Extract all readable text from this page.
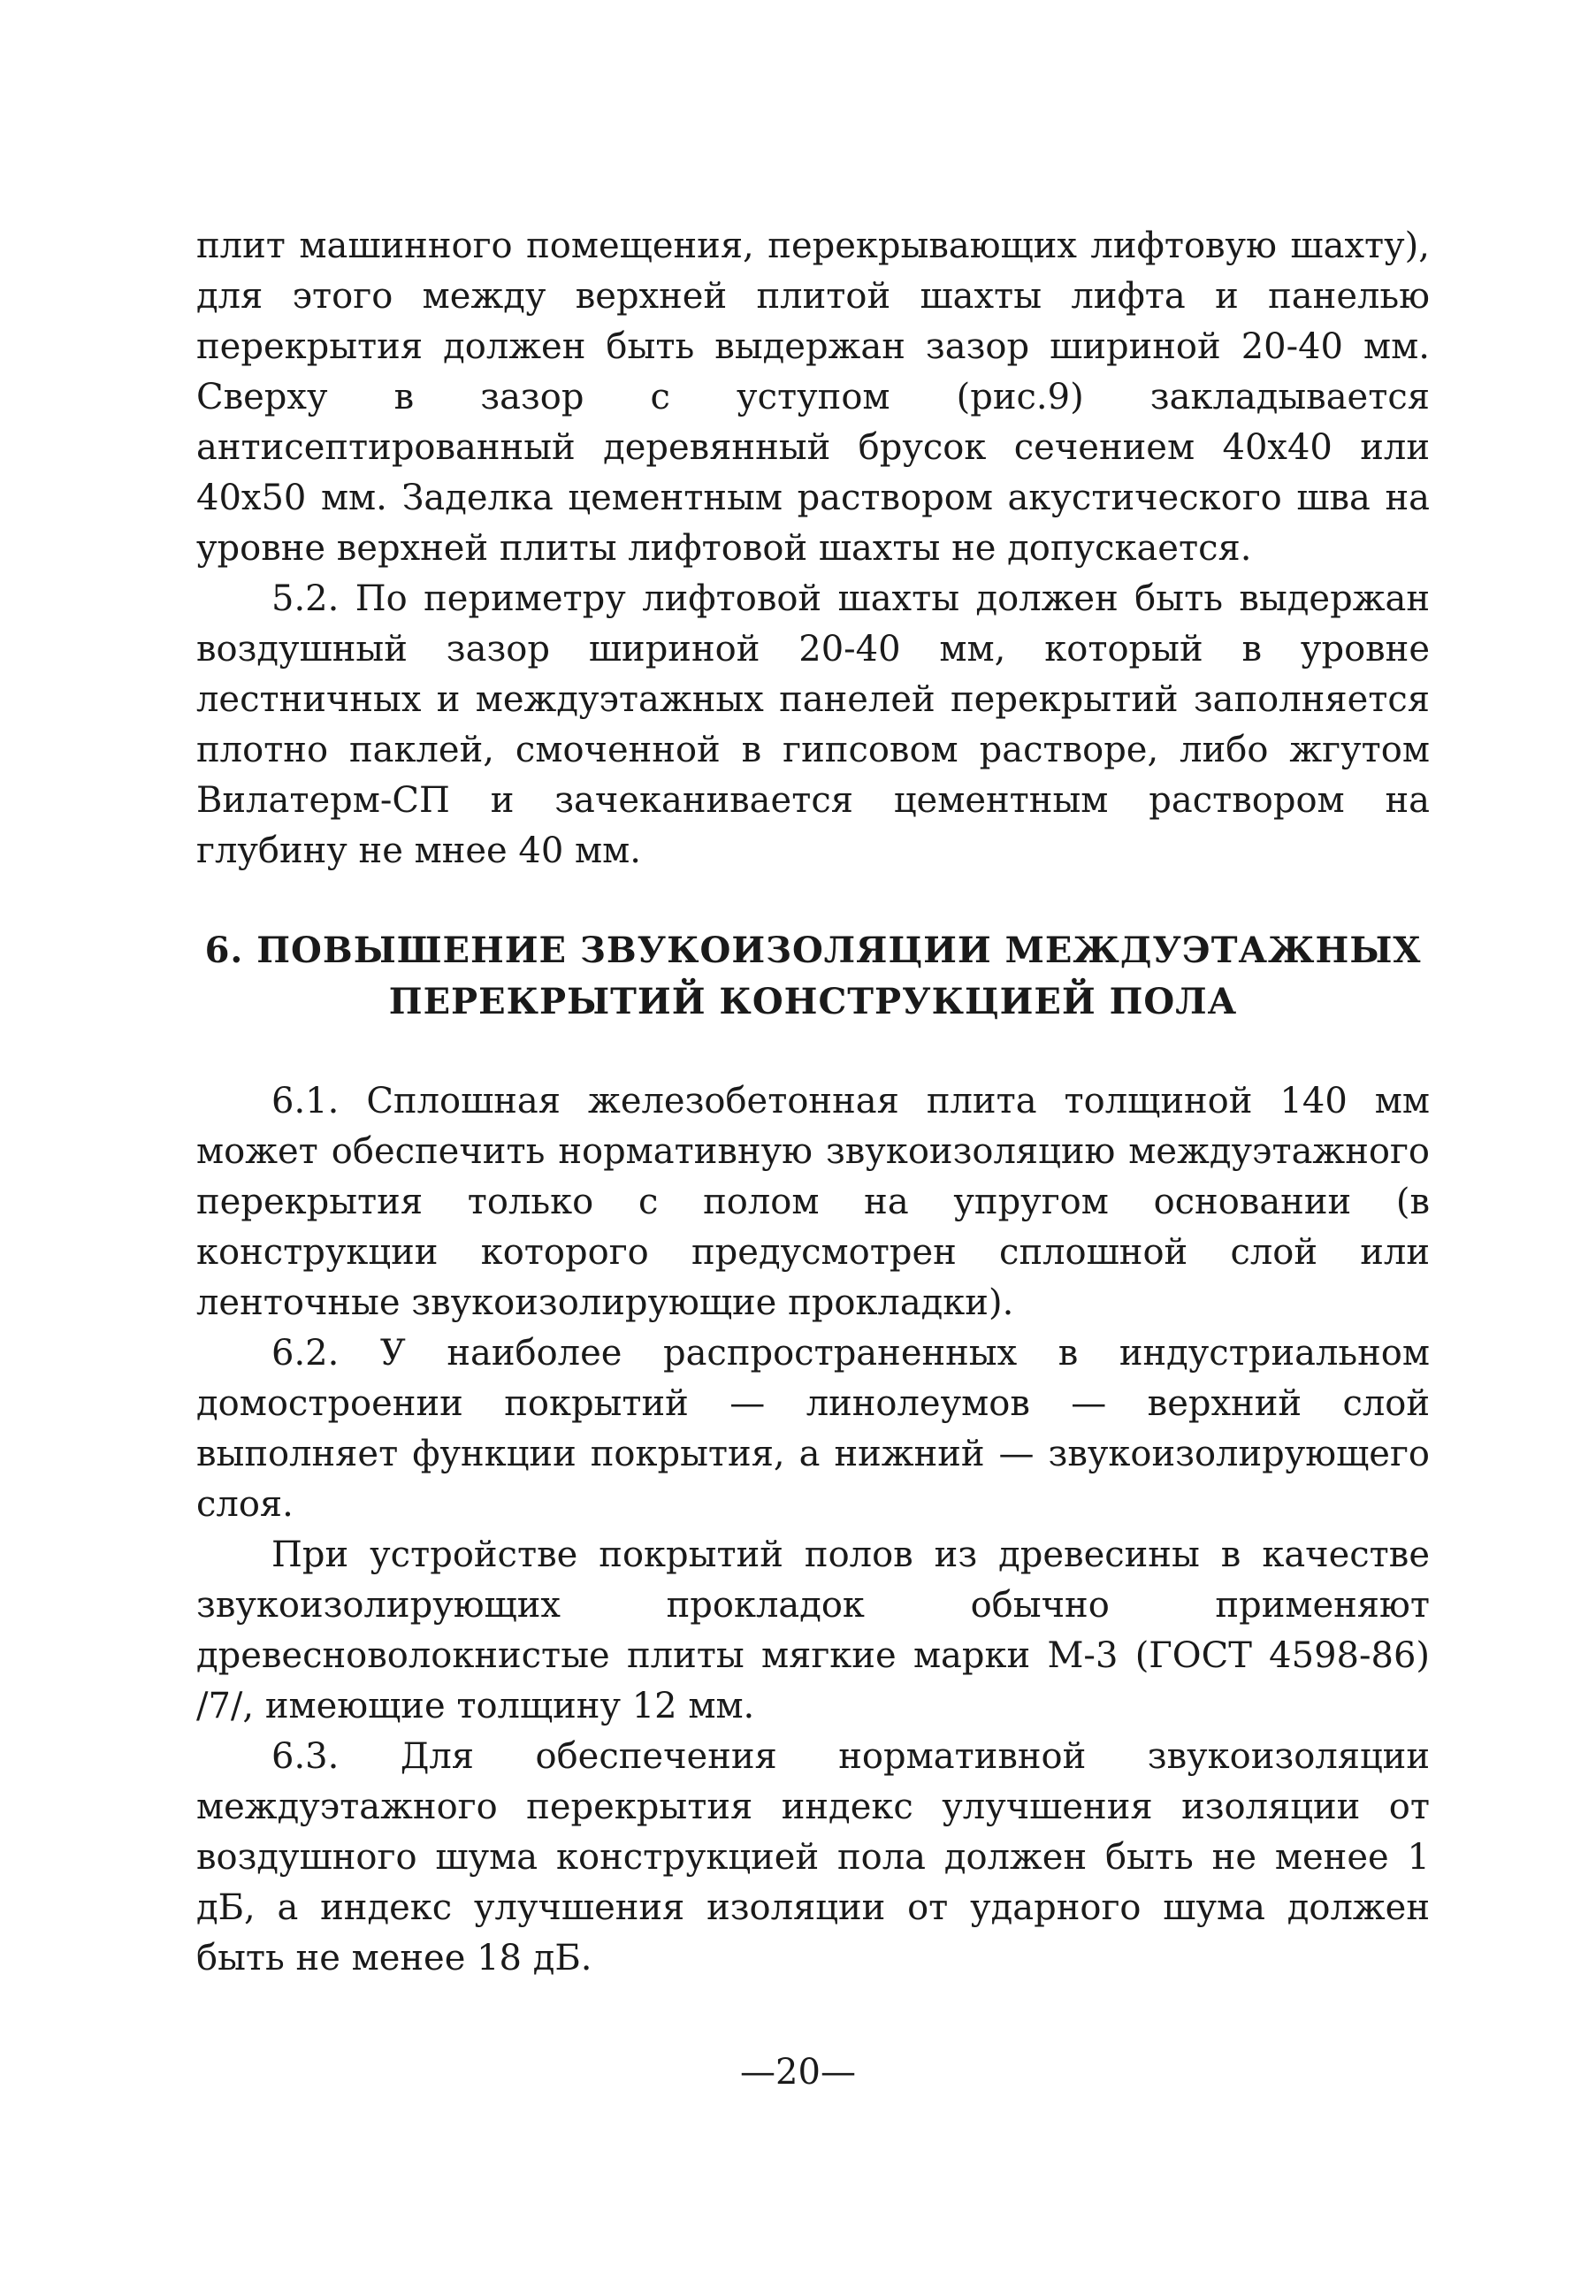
плит машинного помещения, перекрывающих лифтовую шахту), для этого между верхней плитой шахты лифта и панелью перекрытия должен быть выдержан зазор шириной 20-40 мм. Сверху в зазор с уступом (рис.9) закладывается антисептированный деревянный брусок сечением 40х40 или 40х50 мм. Заделка цементным раствором акустического шва на уровне верхней плиты лифтовой шахты не допускается.

5.2. По периметру лифтовой шахты должен быть выдержан воздушный зазор шириной 20-40 мм, который в уровне лестничных и междуэтажных панелей перекрытий заполняется плотно паклей, смоченной в гипсовом растворе, либо жгутом Вилатерм-СП и зачеканивается цементным раствором на глубину не мнее 40 мм.

6. ПОВЫШЕНИЕ ЗВУКОИЗОЛЯЦИИ МЕЖДУЭТАЖНЫХ
ПЕРЕКРЫТИЙ КОНСТРУКЦИЕЙ ПОЛА

6.1. Сплошная железобетонная плита толщиной 140 мм может обеспечить нормативную звукоизоляцию междуэтажного перекрытия только с полом на упругом основании (в конструкции которого предусмотрен сплошной слой или ленточные звукоизолирующие прокладки).

6.2. У наиболее распространенных в индустриальном домостроении покрытий — линолеумов — верхний слой выполняет функции покрытия, а нижний — звукоизолирующего слоя.

При устройстве покрытий полов из древесины в качестве звукоизолирующих прокладок обычно применяют древесноволокнистые плиты мягкие марки М-3 (ГОСТ 4598-86) /7/, имеющие толщину 12 мм.

6.3. Для обеспечения нормативной звукоизоляции междуэтажного перекрытия индекс улучшения изоляции от воздушного шума конструкцией пола должен быть не менее 1 дБ, а индекс улучшения изоляции от ударного шума должен быть не менее 18 дБ.

—20—
